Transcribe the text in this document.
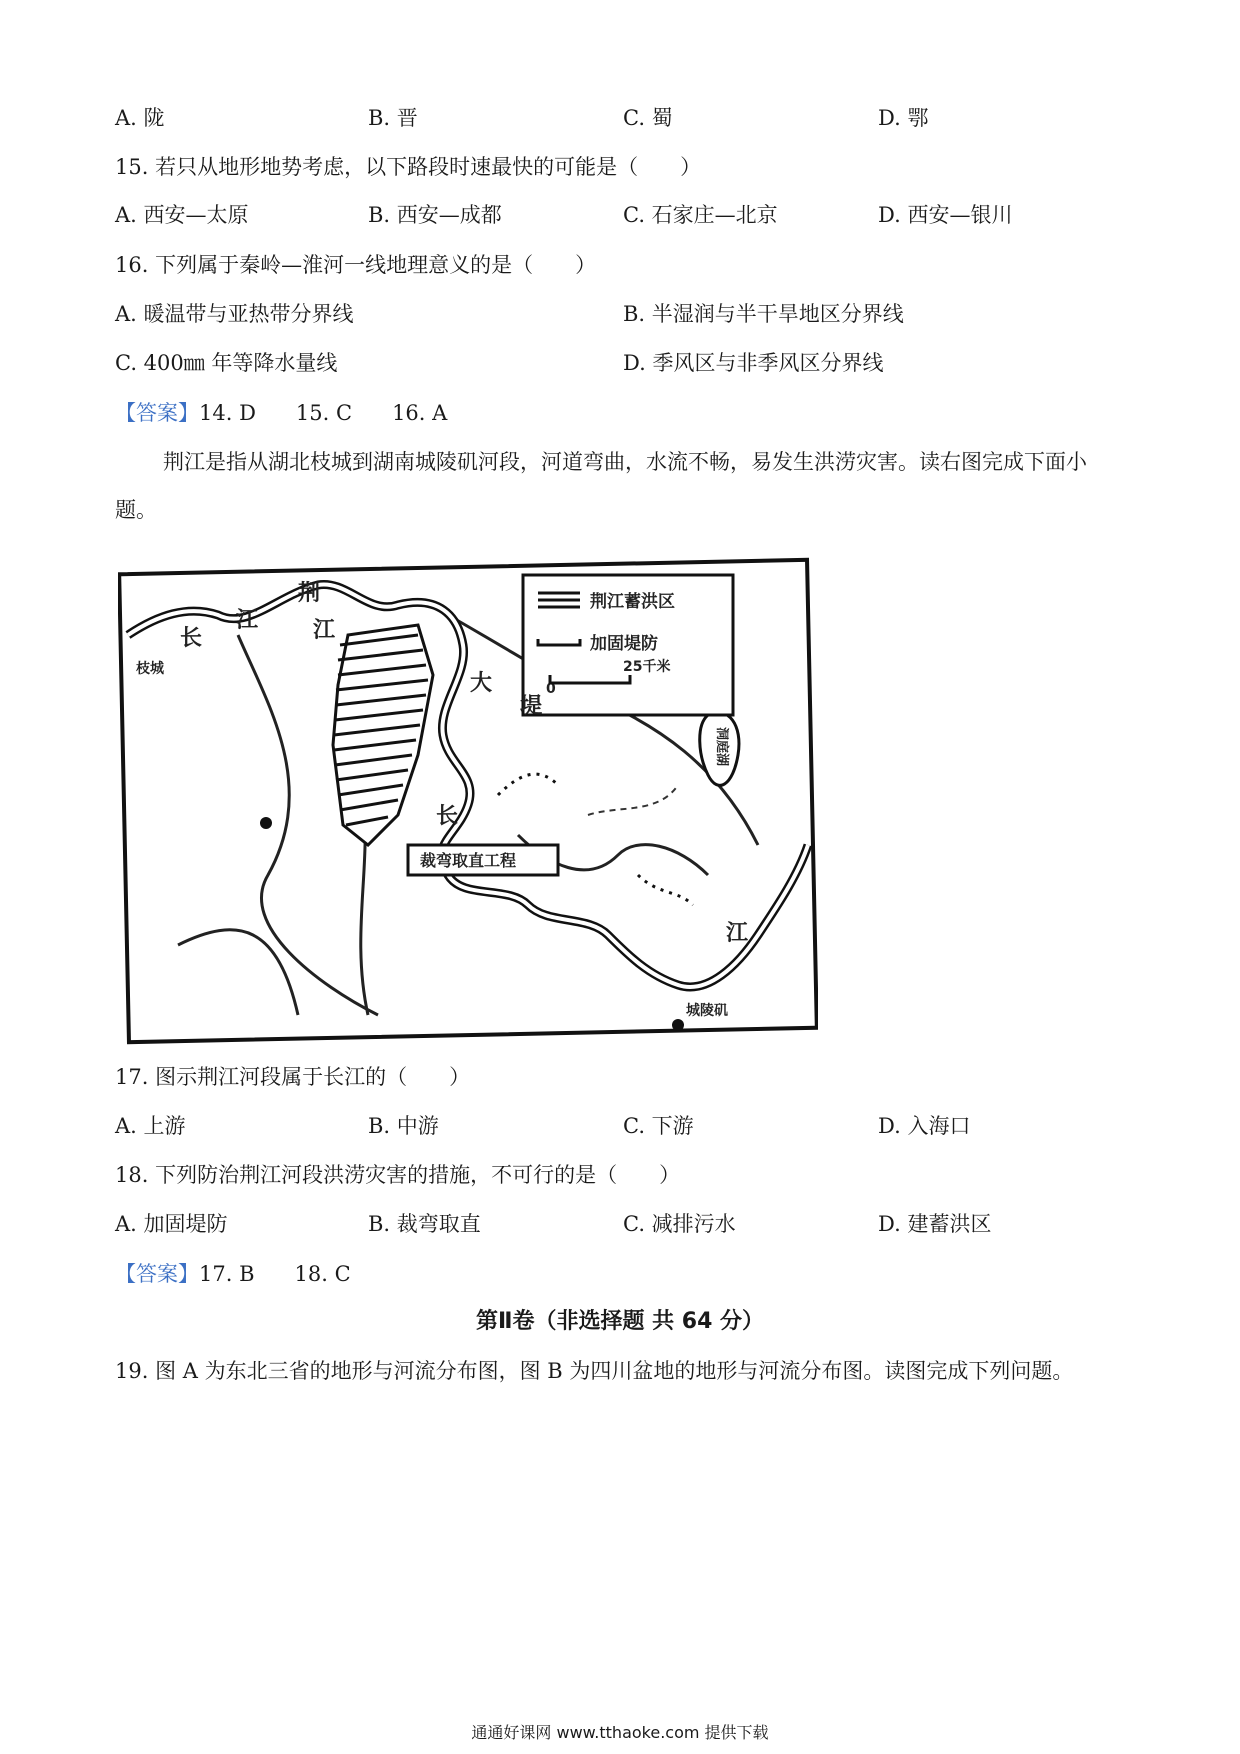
A. 陇	B. 晋	C. 蜀	D. 鄂
15. 若只从地形地势考虑，以下路段时速最快的可能是（　　）
A. 西安—太原	B. 西安—成都	C. 石家庄—北京	D. 西安—银川
16. 下列属于秦岭—淮河一线地理意义的是（　　）
A. 暖温带与亚热带分界线	B. 半湿润与半干旱地区分界线
C. 400㎜ 年等降水量线	D. 季风区与非季风区分界线
【答案】14. D 15. C 16. A
荆江是指从湖北枝城到湖南城陵矶河段，河道弯曲，水流不畅，易发生洪涝灾害。读右图完成下面小题。
荆江蓄洪区
加固堤防
0
25千米
枝城
长
江
荆
江
大
堤
长
江
洞庭湖
城陵矶
裁弯取直工程
17. 图示荆江河段属于长江的（　　）
A. 上游	B. 中游	C. 下游	D. 入海口
18. 下列防治荆江河段洪涝灾害的措施，不可行的是（　　）
A. 加固堤防	B. 裁弯取直	C. 减排污水	D. 建蓄洪区
【答案】17. B 18. C
第Ⅱ卷（非选择题 共 64 分）
19. 图 A 为东北三省的地形与河流分布图，图 B 为四川盆地的地形与河流分布图。读图完成下列问题。
通通好课网 www.tthaoke.com 提供下载
